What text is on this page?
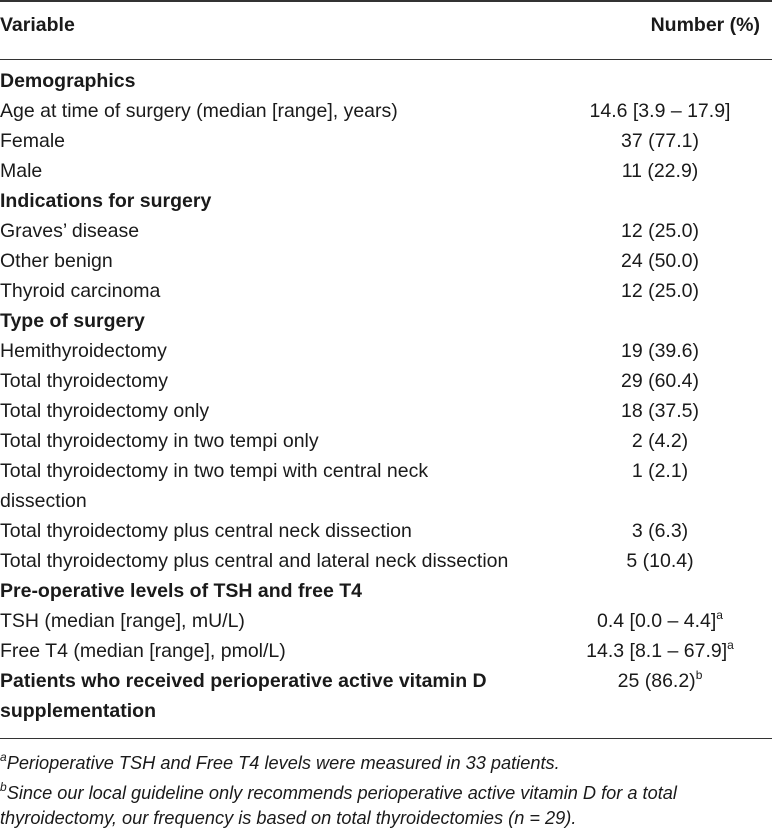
Variable	Number (%)
Demographics
Age at time of surgery (median [range], years)	14.6 [3.9 – 17.9]
Female	37 (77.1)
Male	11 (22.9)
Indications for surgery
Graves’ disease	12 (25.0)
Other benign	24 (50.0)
Thyroid carcinoma	12 (25.0)
Type of surgery
Hemithyroidectomy	19 (39.6)
Total thyroidectomy	29 (60.4)
Total thyroidectomy only	18 (37.5)
Total thyroidectomy in two tempi only	2 (4.2)
Total thyroidectomy in two tempi with central neck	1 (2.1)
dissection
Total thyroidectomy plus central neck dissection	3 (6.3)
Total thyroidectomy plus central and lateral neck dissection	5 (10.4)
Pre-operative levels of TSH and free T4
TSH (median [range], mU/L)	0.4 [0.0 – 4.4]$^a$
Free T4 (median [range], pmol/L)	14.3 [8.1 – 67.9]$^a$
Patients who received perioperative active vitamin D	25 $(86.2)^b$
supplementation
$^a$Perioperative TSH and Free T4 levels were measured in 33 patients.
$^b$Since our local guideline only recommends perioperative active vitamin D for a total
thyroidectomy, our frequency is based on total thyroidectomies (n = 29).
